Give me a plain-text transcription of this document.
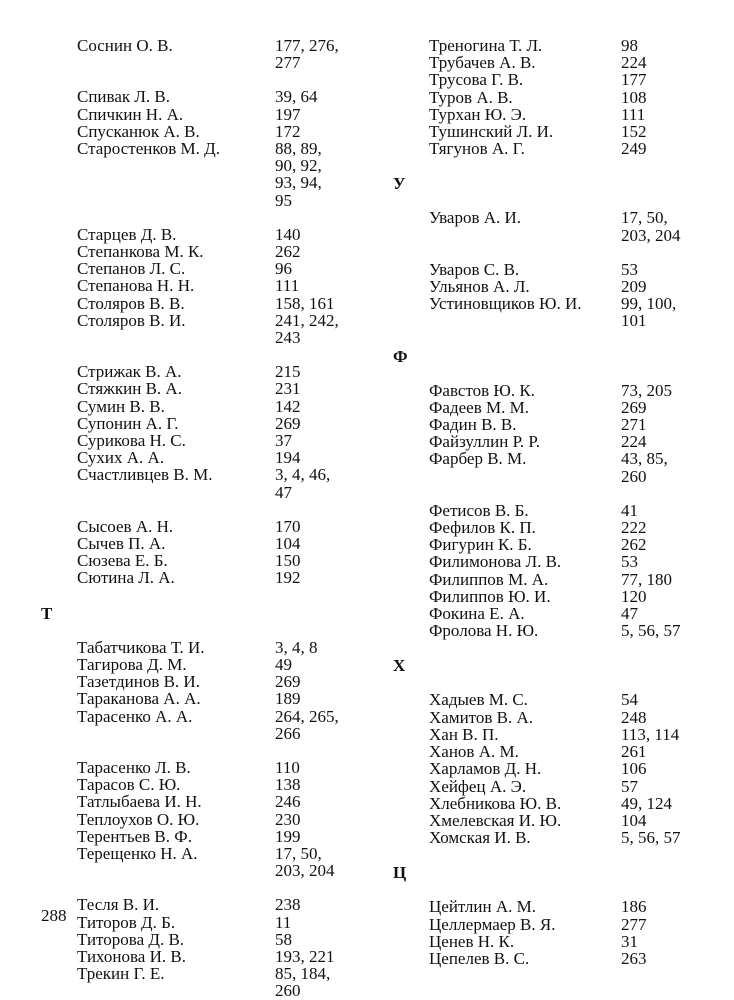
Соснин О. В.	177, 276,
277
Спивак Л. В.	39, 64
Спичкин Н. А.	197
Спусканюк А. В.	172
Старостенков М. Д.	88, 89,
90, 92,
93, 94,
95
Старцев Д. В.	140
Степанкова М. К.	262
Степанов Л. С.	96
Степанова Н. Н.	111
Столяров В. В.	158, 161
Столяров В. И.	241, 242,
243
Стрижак В. А.	215
Стяжкин В. А.	231
Сумин В. В.	142
Супонин А. Г.	269
Сурикова Н. С.	37
Сухих А. А.	194
Счастливцев В. М.	3, 4, 46,
47
Сысоев А. Н.	170
Сычев П. А.	104
Сюзева Е. Б.	150
Сютина Л. А.	192
Т
Табатчикова Т. И.	3, 4, 8
Тагирова Д. М.	49
Тазетдинов В. И.	269
Тараканова А. А.	189
Тарасенко А. А.	264, 265,
266
Тарасенко Л. В.	110
Тарасов С. Ю.	138
Татлыбаева И. Н.	246
Теплоухов О. Ю.	230
Терентьев В. Ф.	199
Терещенко Н. А.	17, 50,
203, 204
Тесля В. И.	238
Титоров Д. Б.	11
Титорова Д. В.	58
Тихонова И. В.	193, 221
Трекин Г. Е.	85, 184,
260
Треногина Т. Л.	98
Трубачев А. В.	224
Трусова Г. В.	177
Туров А. В.	108
Турхан Ю. Э.	111
Тушинский Л. И.	152
Тягунов А. Г.	249
У
Уваров А. И.	17, 50,
203, 204
Уваров С. В.	53
Ульянов А. Л.	209
Устиновщиков Ю. И.	99, 100,
101
Ф
Фавстов Ю. К.	73, 205
Фадеев М. М.	269
Фадин В. В.	271
Файзуллин Р. Р.	224
Фарбер В. М.	43, 85,
260
Фетисов В. Б.	41
Фефилов К. П.	222
Фигурин К. Б.	262
Филимонова Л. В.	53
Филиппов М. А.	77, 180
Филиппов Ю. И.	120
Фокина Е. А.	47
Фролова Н. Ю.	5, 56, 57
Х
Хадыев М. С.	54
Хамитов В. А.	248
Хан В. П.	113, 114
Ханов А. М.	261
Харламов Д. Н.	106
Хейфец А. Э.	57
Хлебникова Ю. В.	49, 124
Хмелевская И. Ю.	104
Хомская И. В.	5, 56, 57
Ц
Цейтлин А. М.	186
Целлермаер В. Я.	277
Ценев Н. К.	31
Цепелев В. С.	263
288
